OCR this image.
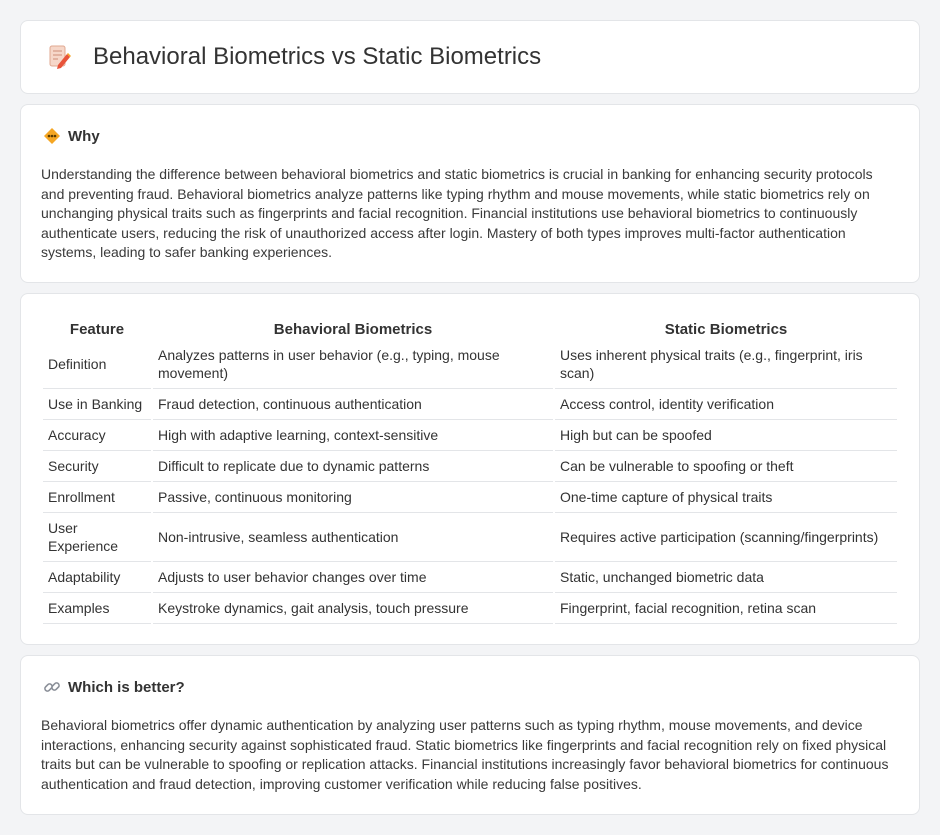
Behavioral Biometrics vs Static Biometrics
Why

Understanding the difference between behavioral biometrics and static biometrics is crucial in banking for enhancing security protocols and preventing fraud. Behavioral biometrics analyze patterns like typing rhythm and mouse movements, while static biometrics rely on unchanging physical traits such as fingerprints and facial recognition. Financial institutions use behavioral biometrics to continuously authenticate users, reducing the risk of unauthorized access after login. Mastery of both types improves multi-factor authentication systems, leading to safer banking experiences.

Feature	Behavioral Biometrics	Static Biometrics
Definition	Analyzes patterns in user behavior (e.g., typing, mouse movement)	Uses inherent physical traits (e.g., fingerprint, iris scan)
Use in Banking	Fraud detection, continuous authentication	Access control, identity verification
Accuracy	High with adaptive learning, context-sensitive	High but can be spoofed
Security	Difficult to replicate due to dynamic patterns	Can be vulnerable to spoofing or theft
Enrollment	Passive, continuous monitoring	One-time capture of physical traits
User Experience	Non-intrusive, seamless authentication	Requires active participation (scanning/fingerprints)
Adaptability	Adjusts to user behavior changes over time	Static, unchanged biometric data
Examples	Keystroke dynamics, gait analysis, touch pressure	Fingerprint, facial recognition, retina scan
Which is better?

Behavioral biometrics offer dynamic authentication by analyzing user patterns such as typing rhythm, mouse movements, and device interactions, enhancing security against sophisticated fraud. Static biometrics like fingerprints and facial recognition rely on fixed physical traits but can be vulnerable to spoofing or replication attacks. Financial institutions increasingly favor behavioral biometrics for continuous authentication and fraud detection, improving customer verification while reducing false positives.
